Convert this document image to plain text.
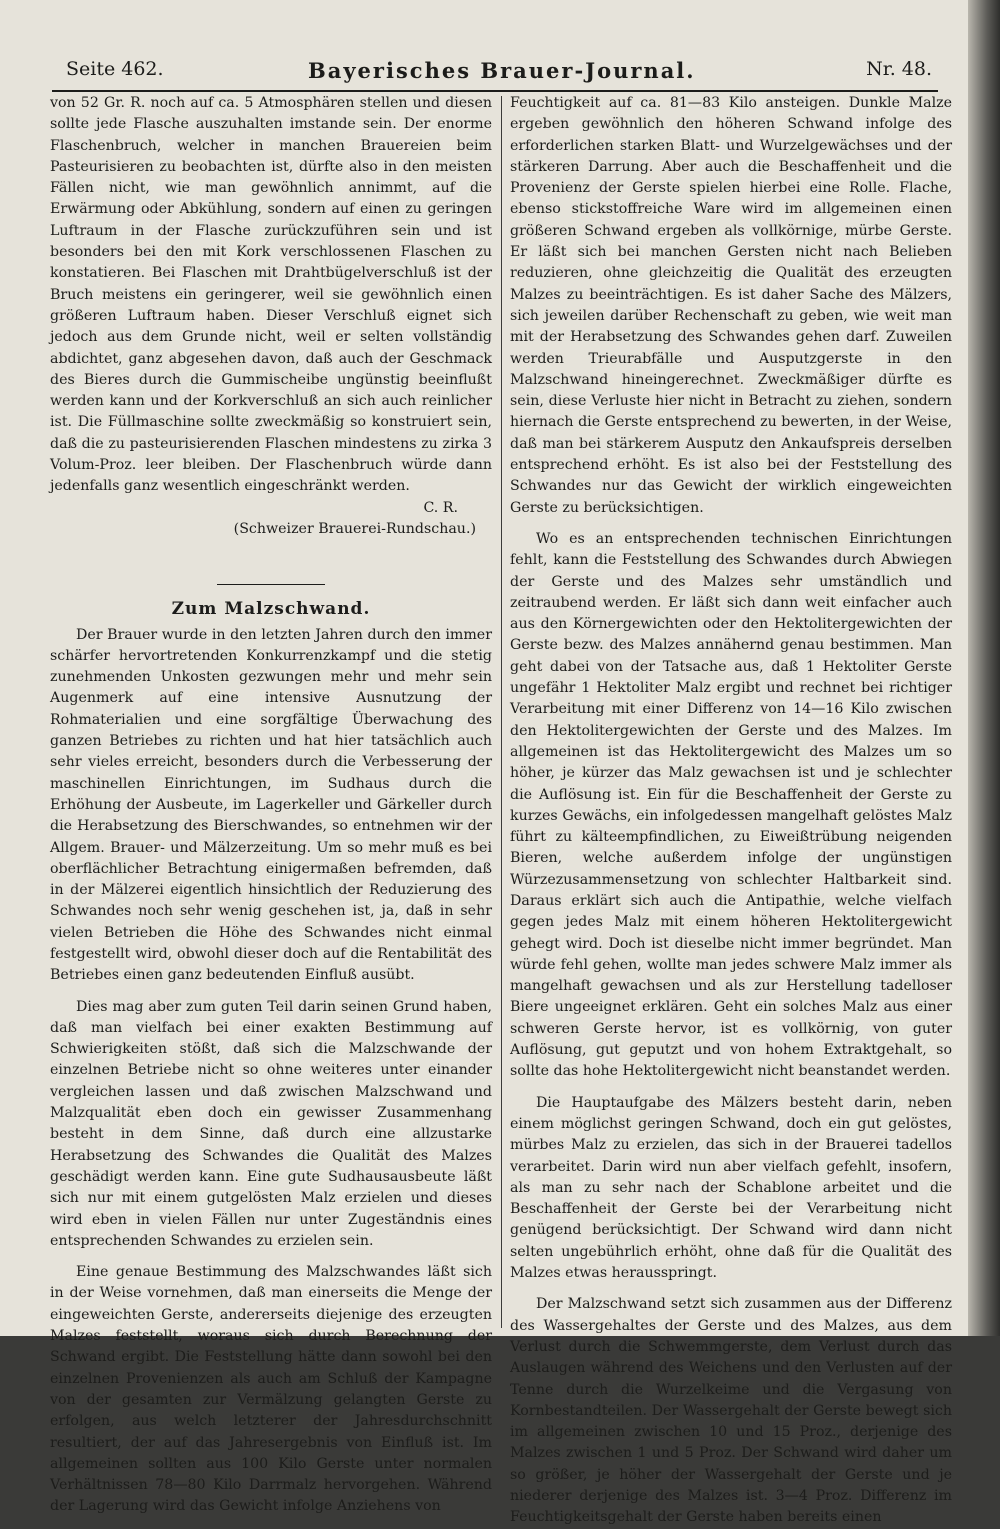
Seite 462.	Bayerisches Brauer-Journal.	Nr. 48.

von 52 Gr. R. noch auf ca. 5 Atmosphären stellen und diesen sollte jede Flasche auszuhalten imstande sein. Der enorme Flaschenbruch, welcher in manchen Brauereien beim Pasteurisieren zu beobachten ist, dürfte also in den meisten Fällen nicht, wie man gewöhnlich annimmt, auf die Erwärmung oder Abkühlung, sondern auf einen zu geringen Luftraum in der Flasche zurückzuführen sein und ist besonders bei den mit Kork verschlossenen Flaschen zu konstatieren. Bei Flaschen mit Drahtbügelverschluß ist der Bruch meistens ein geringerer, weil sie gewöhnlich einen größeren Luftraum haben. Dieser Verschluß eignet sich jedoch aus dem Grunde nicht, weil er selten vollständig abdichtet, ganz abgesehen davon, daß auch der Geschmack des Bieres durch die Gummischeibe ungünstig beeinflußt werden kann und der Korkverschluß an sich auch reinlicher ist. Die Füllmaschine sollte zweckmäßig so konstruiert sein, daß die zu pasteurisierenden Flaschen mindestens zu zirka 3 Volum-Proz. leer bleiben. Der Flaschenbruch würde dann jedenfalls ganz wesentlich eingeschränkt werden.

C. R.

(Schweizer Brauerei-Rundschau.)

Zum Malzschwand.

Der Brauer wurde in den letzten Jahren durch den immer schärfer hervortretenden Konkurrenzkampf und die stetig zunehmenden Unkosten gezwungen mehr und mehr sein Augenmerk auf eine intensive Ausnutzung der Rohmaterialien und eine sorgfältige Überwachung des ganzen Betriebes zu richten und hat hier tatsächlich auch sehr vieles erreicht, besonders durch die Verbesserung der maschinellen Einrichtungen, im Sudhaus durch die Erhöhung der Ausbeute, im Lagerkeller und Gärkeller durch die Herabsetzung des Bierschwandes, so entnehmen wir der Allgem. Brauer- und Mälzerzeitung. Um so mehr muß es bei oberflächlicher Betrachtung einigermaßen befremden, daß in der Mälzerei eigentlich hinsichtlich der Reduzierung des Schwandes noch sehr wenig geschehen ist, ja, daß in sehr vielen Betrieben die Höhe des Schwandes nicht einmal festgestellt wird, obwohl dieser doch auf die Rentabilität des Betriebes einen ganz bedeutenden Einfluß ausübt.

Dies mag aber zum guten Teil darin seinen Grund haben, daß man vielfach bei einer exakten Bestimmung auf Schwierigkeiten stößt, daß sich die Malzschwande der einzelnen Betriebe nicht so ohne weiteres unter einander vergleichen lassen und daß zwischen Malzschwand und Malzqualität eben doch ein gewisser Zusammenhang besteht in dem Sinne, daß durch eine allzustarke Herabsetzung des Schwandes die Qualität des Malzes geschädigt werden kann. Eine gute Sudhausausbeute läßt sich nur mit einem gutgelösten Malz erzielen und dieses wird eben in vielen Fällen nur unter Zugeständnis eines entsprechenden Schwandes zu erzielen sein.

Eine genaue Bestimmung des Malzschwandes läßt sich in der Weise vornehmen, daß man einerseits die Menge der eingeweichten Gerste, andererseits diejenige des erzeugten Malzes feststellt, woraus sich durch Berechnung der Schwand ergibt. Die Feststellung hätte dann sowohl bei den einzelnen Provenienzen als auch am Schluß der Kampagne von der gesamten zur Vermälzung gelangten Gerste zu erfolgen, aus welch letzterer der Jahresdurchschnitt resultiert, der auf das Jahresergebnis von Einfluß ist. Im allgemeinen sollten aus 100 Kilo Gerste unter normalen Verhältnissen 78—80 Kilo Darrmalz hervorgehen. Während der Lagerung wird das Gewicht infolge Anziehens von

Feuchtigkeit auf ca. 81—83 Kilo ansteigen. Dunkle Malze ergeben gewöhnlich den höheren Schwand infolge des erforderlichen starken Blatt- und Wurzelgewächses und der stärkeren Darrung. Aber auch die Beschaffenheit und die Provenienz der Gerste spielen hierbei eine Rolle. Flache, ebenso stickstoffreiche Ware wird im allgemeinen einen größeren Schwand ergeben als vollkörnige, mürbe Gerste. Er läßt sich bei manchen Gersten nicht nach Belieben reduzieren, ohne gleichzeitig die Qualität des erzeugten Malzes zu beeinträchtigen. Es ist daher Sache des Mälzers, sich jeweilen darüber Rechenschaft zu geben, wie weit man mit der Herabsetzung des Schwandes gehen darf. Zuweilen werden Trieurabfälle und Ausputzgerste in den Malzschwand hineingerechnet. Zweckmäßiger dürfte es sein, diese Verluste hier nicht in Betracht zu ziehen, sondern hiernach die Gerste entsprechend zu bewerten, in der Weise, daß man bei stärkerem Ausputz den Ankaufspreis derselben entsprechend erhöht. Es ist also bei der Feststellung des Schwandes nur das Gewicht der wirklich eingeweichten Gerste zu berücksichtigen.

Wo es an entsprechenden technischen Einrichtungen fehlt, kann die Feststellung des Schwandes durch Abwiegen der Gerste und des Malzes sehr umständlich und zeitraubend werden. Er läßt sich dann weit einfacher auch aus den Körnergewichten oder den Hektolitergewichten der Gerste bezw. des Malzes annähernd genau bestimmen. Man geht dabei von der Tatsache aus, daß 1 Hektoliter Gerste ungefähr 1 Hektoliter Malz ergibt und rechnet bei richtiger Verarbeitung mit einer Differenz von 14—16 Kilo zwischen den Hektolitergewichten der Gerste und des Malzes. Im allgemeinen ist das Hektolitergewicht des Malzes um so höher, je kürzer das Malz gewachsen ist und je schlechter die Auflösung ist. Ein für die Beschaffenheit der Gerste zu kurzes Gewächs, ein infolgedessen mangelhaft gelöstes Malz führt zu kälteempfindlichen, zu Eiweißtrübung neigenden Bieren, welche außerdem infolge der ungünstigen Würzezusammensetzung von schlechter Haltbarkeit sind. Daraus erklärt sich auch die Antipathie, welche vielfach gegen jedes Malz mit einem höheren Hektolitergewicht gehegt wird. Doch ist dieselbe nicht immer begründet. Man würde fehl gehen, wollte man jedes schwere Malz immer als mangelhaft gewachsen und als zur Herstellung tadelloser Biere ungeeignet erklären. Geht ein solches Malz aus einer schweren Gerste hervor, ist es vollkörnig, von guter Auflösung, gut geputzt und von hohem Extraktgehalt, so sollte das hohe Hektolitergewicht nicht beanstandet werden.

Die Hauptaufgabe des Mälzers besteht darin, neben einem möglichst geringen Schwand, doch ein gut gelöstes, mürbes Malz zu erzielen, das sich in der Brauerei tadellos verarbeitet. Darin wird nun aber vielfach gefehlt, insofern, als man zu sehr nach der Schablone arbeitet und die Beschaffenheit der Gerste bei der Verarbeitung nicht genügend berücksichtigt. Der Schwand wird dann nicht selten ungebührlich erhöht, ohne daß für die Qualität des Malzes etwas herausspringt.

Der Malzschwand setzt sich zusammen aus der Differenz des Wassergehaltes der Gerste und des Malzes, aus dem Verlust durch die Schwemmgerste, dem Verlust durch das Auslaugen während des Weichens und den Verlusten auf der Tenne durch die Wurzelkeime und die Vergasung von Kornbestandteilen. Der Wassergehalt der Gerste bewegt sich im allgemeinen zwischen 10 und 15 Proz., derjenige des Malzes zwischen 1 und 5 Proz. Der Schwand wird daher um so größer, je höher der Wassergehalt der Gerste und je niederer derjenige des Malzes ist. 3—4 Proz. Differenz im Feuchtigkeitsgehalt der Gerste haben bereits einen
